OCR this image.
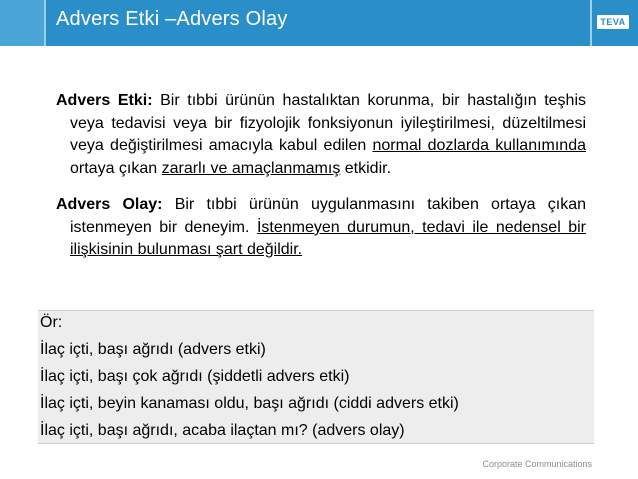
Advers Etki –Advers Olay	TEVA

Advers Etki: Bir tıbbi ürünün hastalıktan korunma, bir hastalığın teşhis veya tedavisi veya bir fizyolojik fonksiyonun iyileştirilmesi, düzeltilmesi veya değiştirilmesi amacıyla kabul edilen normal dozlarda kullanımında ortaya çıkan zararlı ve amaçlanmamış etkidir.

Advers Olay: Bir tıbbi ürünün uygulanmasını takiben ortaya çıkan istenmeyen bir deneyim. İstenmeyen durumun, tedavi ile nedensel bir ilişkisinin bulunması şart değildir.

Ör:
İlaç içti, başı ağrıdı (advers etki)
İlaç içti, başı çok ağrıdı (şiddetli advers etki)
İlaç içti, beyin kanaması oldu, başı ağrıdı (ciddi advers etki)
İlaç içti, başı ağrıdı, acaba ilaçtan mı? (advers olay)
Corporate Communications
